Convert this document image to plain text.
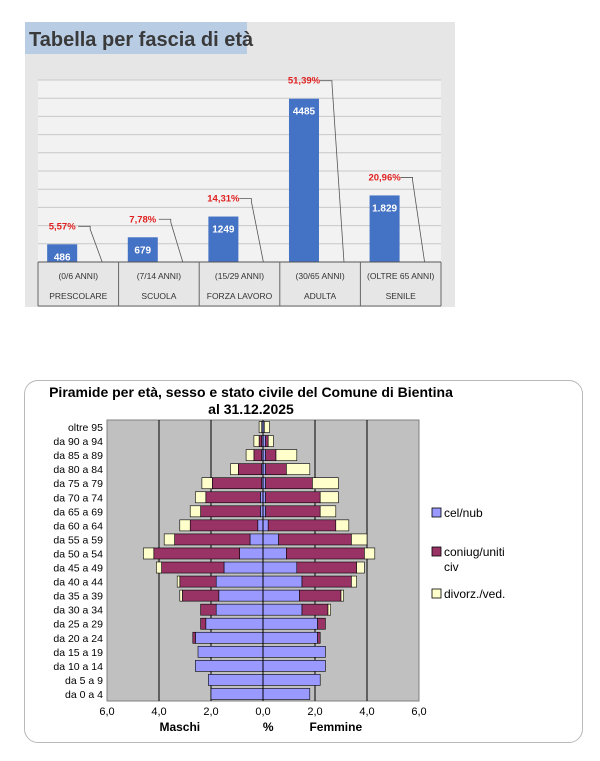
Tabella per fascia di età
486
5,57%
679
7,78%
1249
14,31%
4485
51,39%
1.829
20,96%
(0/6 ANNI)
PRESCOLARE
(7/14 ANNI)
SCUOLA
(15/29 ANNI)
FORZA LAVORO
(30/65 ANNI)
ADULTA
(OLTRE 65 ANNI)
SENILE
Piramide per età, sesso e stato civile del Comune di Bientina
al 31.12.2025
oltre 95
da 90 a 94
da 85 a 89
da 80 a 84
da 75 a 79
da 70 a 74
da 65 a 69
da 60 a 64
da 55 a 59
da 50 a 54
da 45 a 49
da 40 a 44
da 35 a 39
da 30 a 34
da 25 a 29
da 20 a 24
da 15 a 19
da 10 a 14
da 5 a 9
da 0 a 4
6,0	4,0	2,0	0,0	2,0	4,0	6,0
Maschi	%	Femmine
cel/nub
coniug/uniti
civ
divorz./ved.
